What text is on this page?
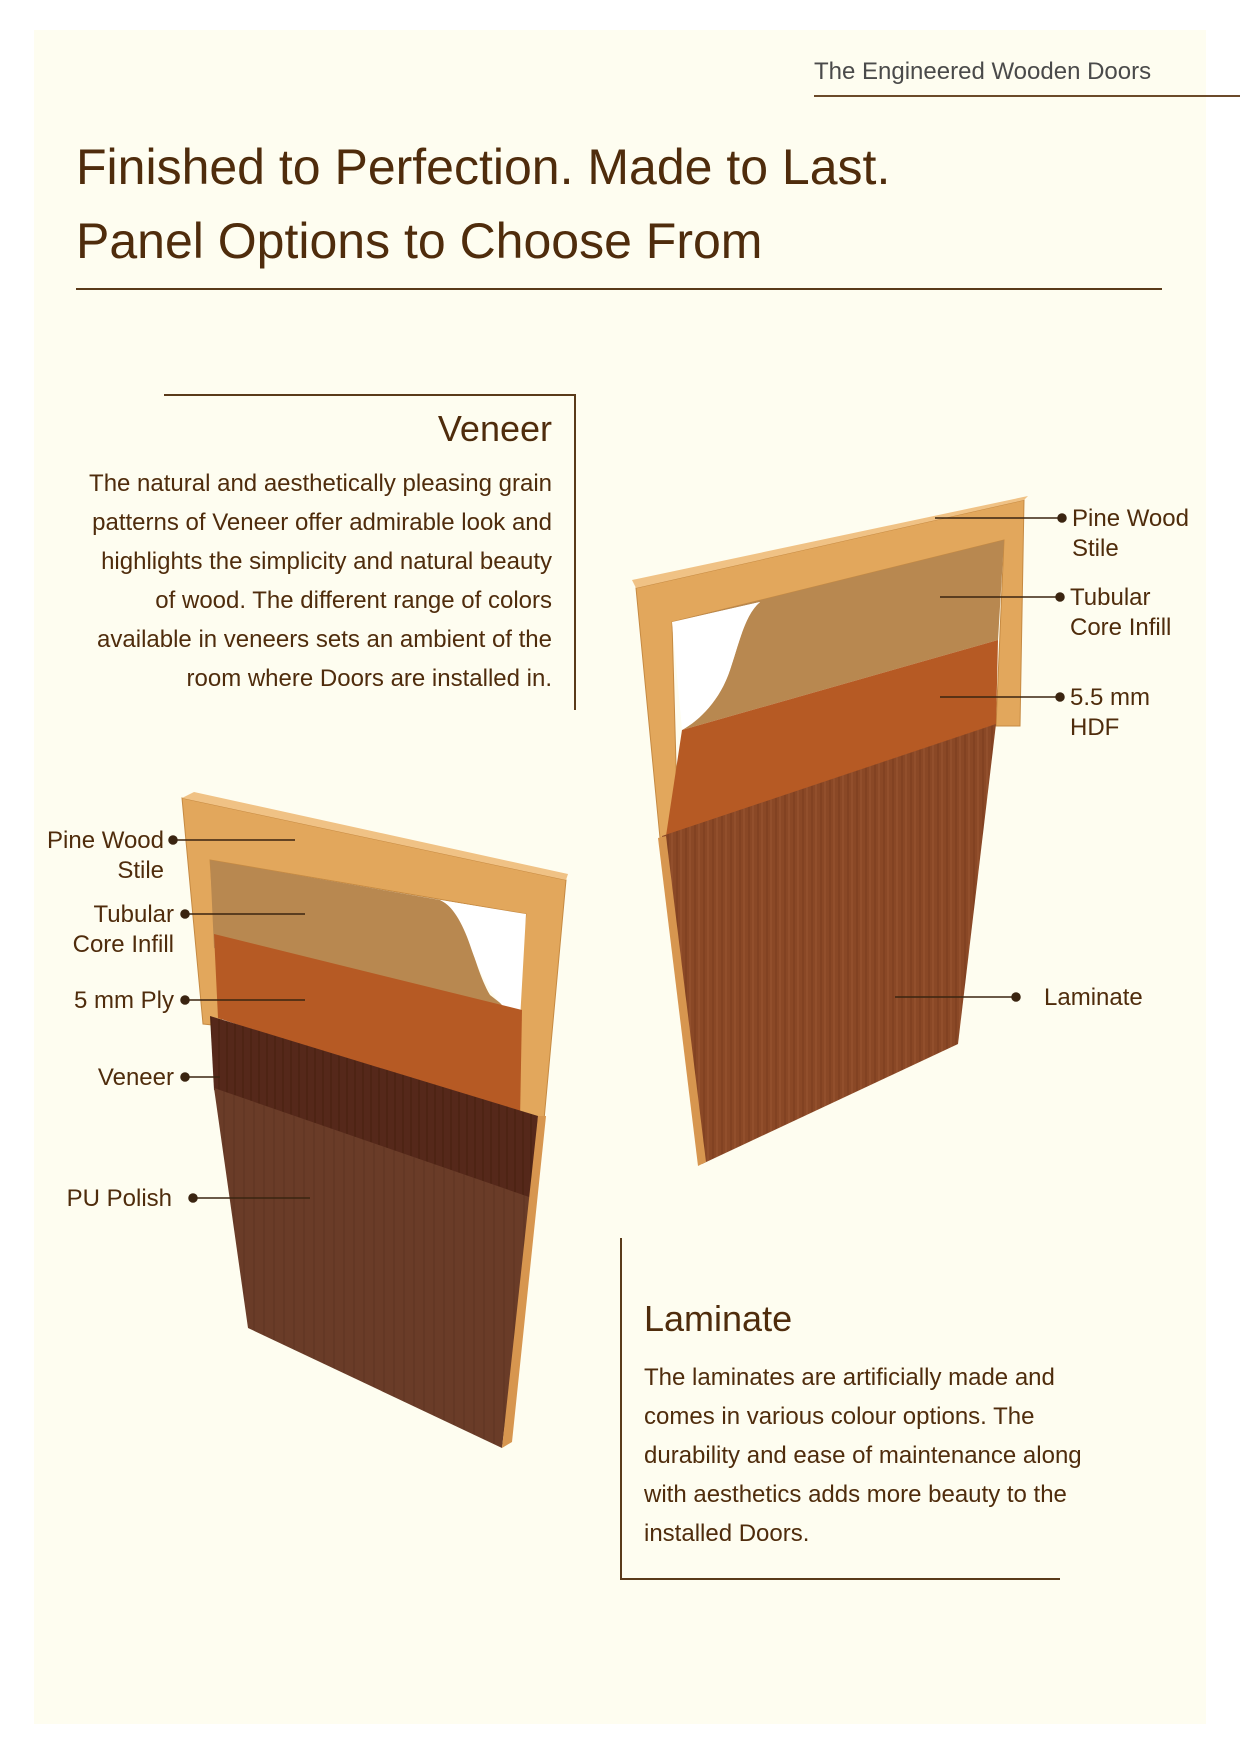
The Engineered Wooden Doors
Finished to Perfection. Made to Last.
Panel Options to Choose From
Veneer
The natural and aesthetically pleasing grain
patterns of Veneer offer admirable look and
highlights the simplicity and natural beauty
of wood. The different range of colors
available in veneers sets an ambient of the
room where Doors are installed in.
Laminate
The laminates are artificially made and
comes in various colour options. The
durability and ease of maintenance along
with aesthetics adds more beauty to the
installed Doors.
Pine Wood
Stile
Tubular
Core Infill
5 mm Ply
Veneer
PU Polish
Pine Wood
Stile
Tubular
Core Infill
5.5 mm
HDF
Laminate
